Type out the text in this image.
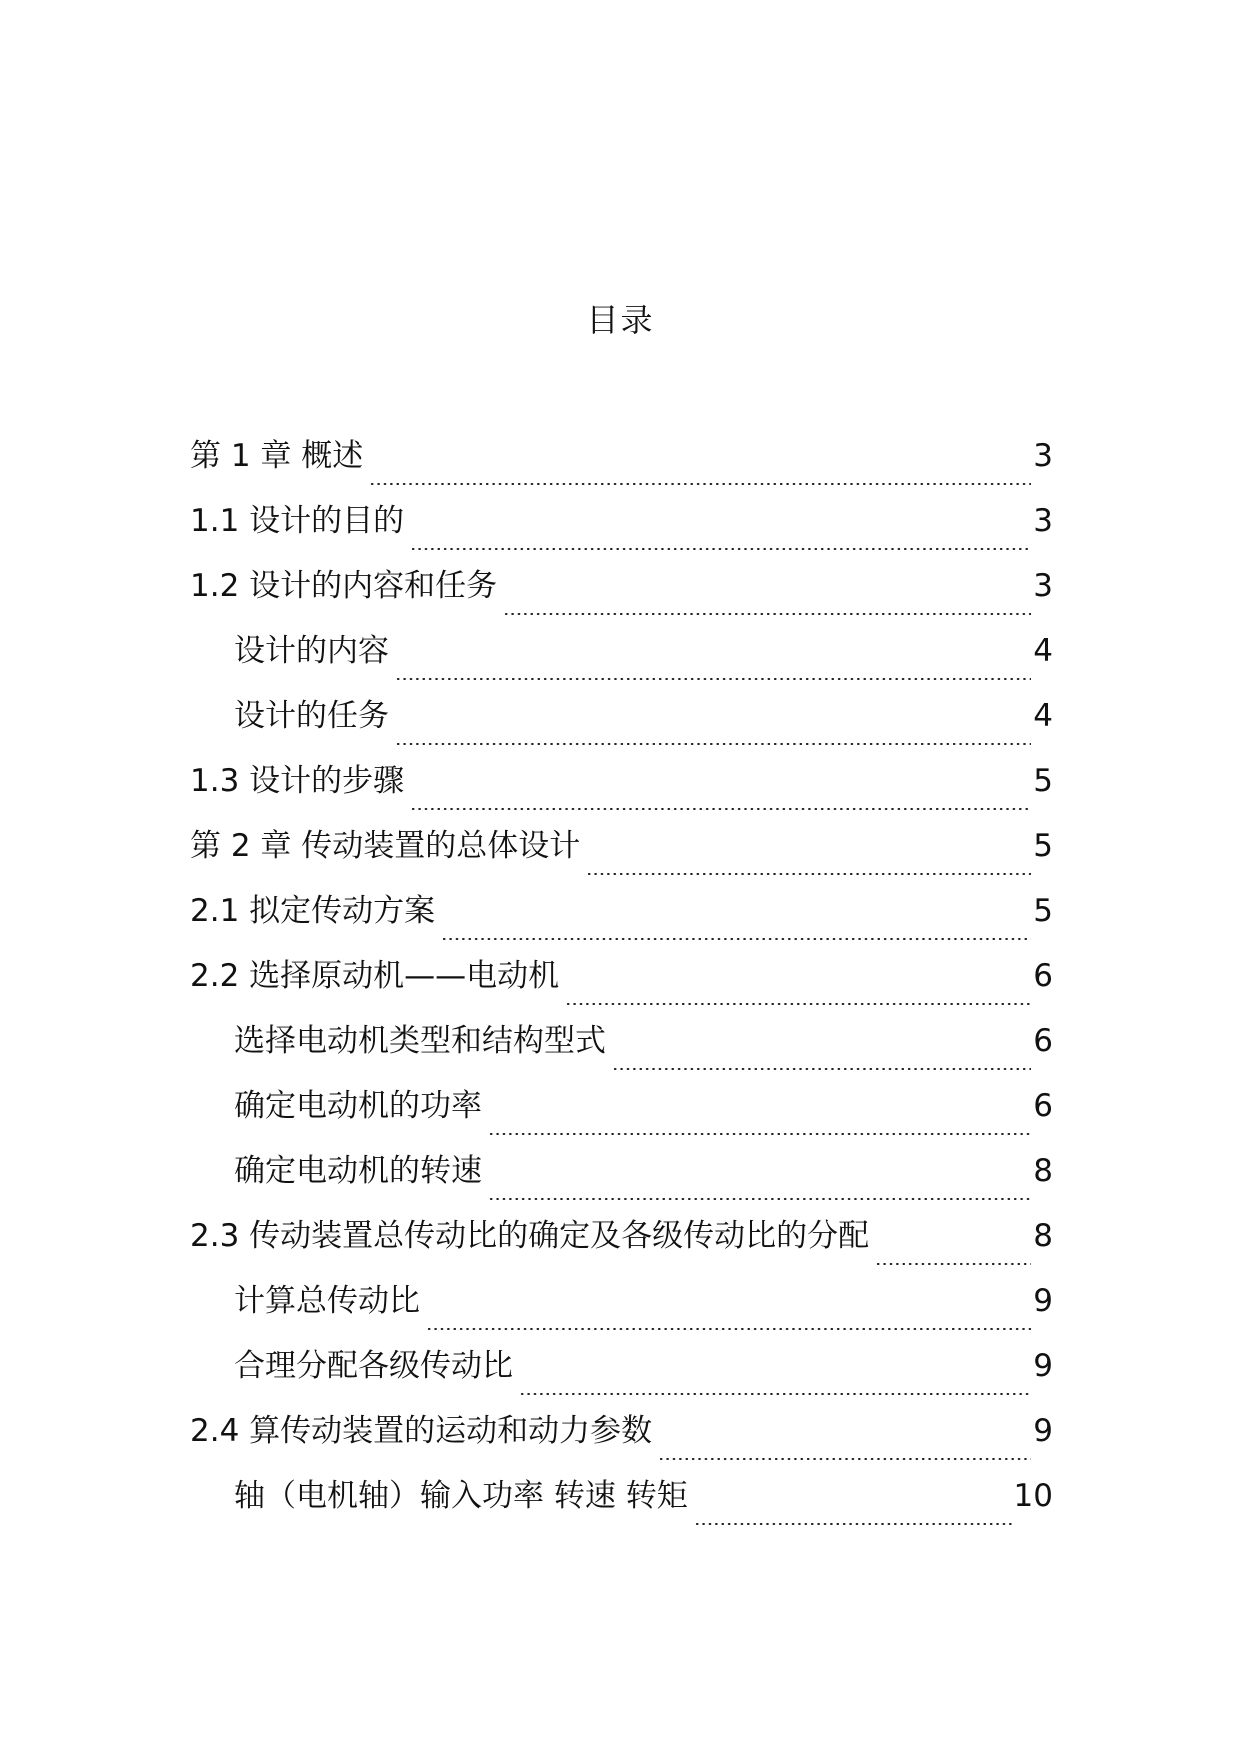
目录
第 1 章 概述	3
1.1 设计的目的	3
1.2 设计的内容和任务	3
设计的内容	4
设计的任务	4
1.3 设计的步骤	5
第 2 章 传动装置的总体设计	5
2.1 拟定传动方案	5
2.2 选择原动机——电动机	6
选择电动机类型和结构型式	6
确定电动机的功率	6
确定电动机的转速	8
2.3 传动装置总传动比的确定及各级传动比的分配	8
计算总传动比	9
合理分配各级传动比	9
2.4 算传动装置的运动和动力参数	9
轴（电机轴）输入功率 转速 转矩	10
